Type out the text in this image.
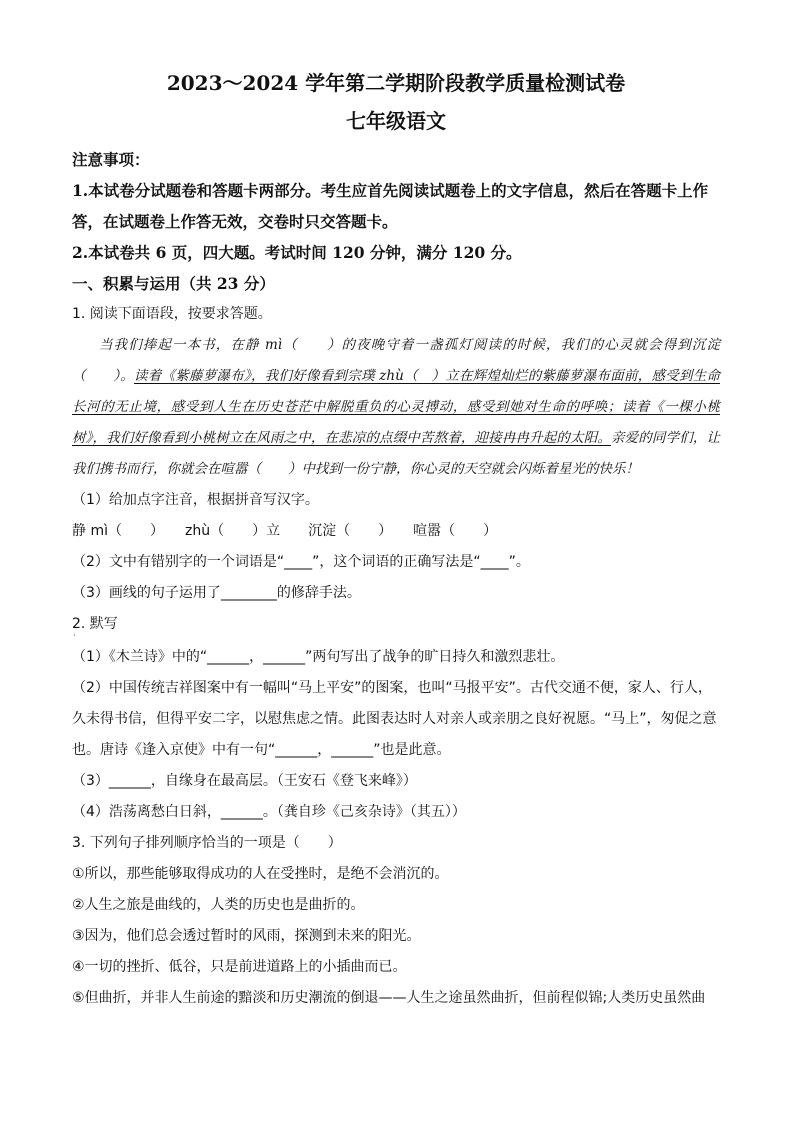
2023～2024 学年第二学期阶段教学质量检测试卷
七年级语文

注意事项：

1.本试卷分试题卷和答题卡两部分。考生应首先阅读试题卷上的文字信息，然后在答题卡上作答，在试题卷上作答无效，交卷时只交答题卡。

2.本试卷共 6 页，四大题。考试时间 120 分钟，满分 120 分。

一、积累与运用（共 23 分）

1. 阅读下面语段，按要求答题。

当我们捧起一本书，在静 mì（　　）的夜晚守着一盏孤灯阅读的时候，我们的心灵就会得到沉淀（　　）。读着《紫藤萝瀑布》，我们好像看到宗璞 zhù（　）立在辉煌灿烂的紫藤萝瀑布面前，感受到生命长河的无止境，感受到人生在历史苍茫中解脱重负的心灵搏动，感受到她对生命的呼唤；读着《一棵小桃树》，我们好像看到小桃树立在风雨之中，在悲凉的点缀中苦熬着，迎接冉冉升起的太阳。亲爱的同学们，让我们携书而行，你就会在喧嚣（　　）中找到一份宁静，你心灵的天空就会闪烁着星光的快乐！

（1）给加点字注音，根据拼音写汉字。

静 mì（　　）　　zhù（　　）立　　沉淀（　　）　　喧嚣（　　）

（2）文中有错别字的一个词语是“____”，这个词语的正确写法是“____”。

（3）画线的句子运用了________的修辞手法。

2. 默写

·

（1）《木兰诗》中的“______，______”两句写出了战争的旷日持久和激烈悲壮。

（2）中国传统吉祥图案中有一幅叫“马上平安”的图案，也叫“马报平安”。古代交通不便，家人、行人，久未得书信，但得平安二字，以慰焦虑之情。此图表达时人对亲人或亲朋之良好祝愿。“马上”，匆促之意也。唐诗《逢入京使》中有一句“______，______”也是此意。

（3）______，自缘身在最高层。（王安石《登飞来峰》）

（4）浩荡离愁白日斜，______。（龚自珍《己亥杂诗》（其五））

3. 下列句子排列顺序恰当的一项是（　　）

①所以，那些能够取得成功的人在受挫时，是绝不会消沉的。

②人生之旅是曲线的，人类的历史也是曲折的。

③因为，他们总会透过暂时的风雨，探测到未来的阳光。

④一切的挫折、低谷，只是前进道路上的小插曲而已。

⑤但曲折，并非人生前途的黯淡和历史潮流的倒退——人生之途虽然曲折，但前程似锦;人类历史虽然曲
